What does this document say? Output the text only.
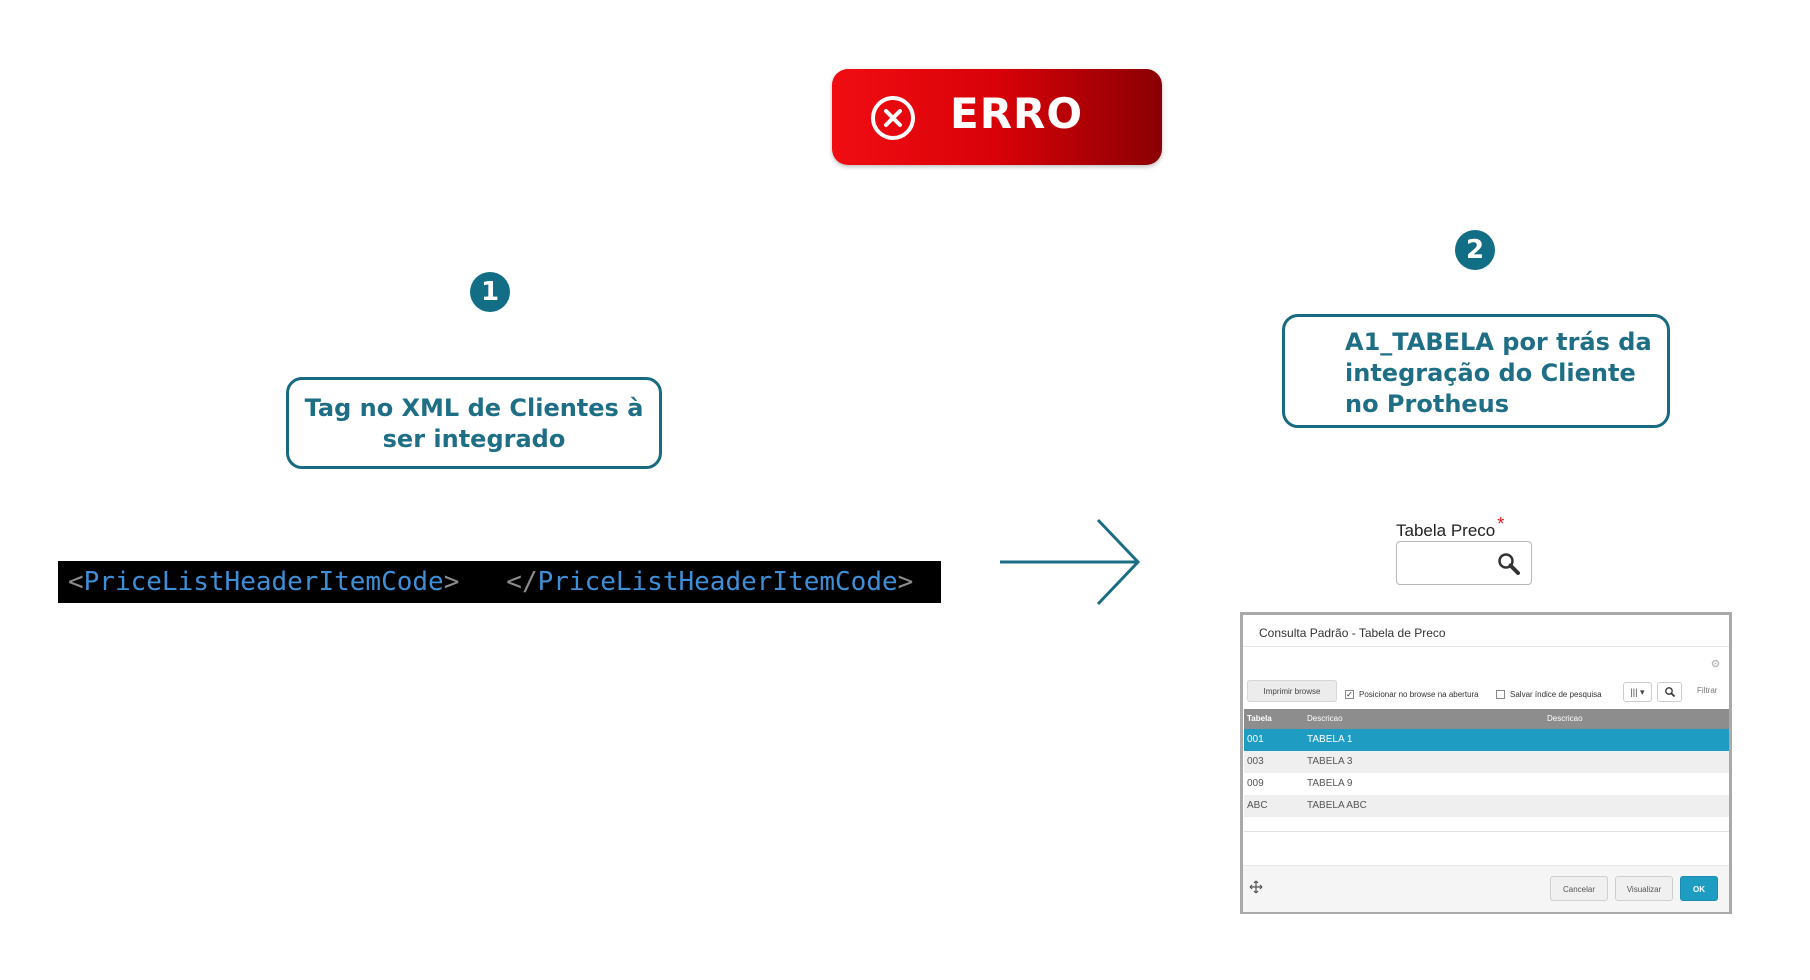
ERRO
1
Tag no XML de Clientes à
ser integrado
<PriceListHeaderItemCode>   </PriceListHeaderItemCode>
2
A1_TABELA por trás da
integração do Cliente
no Protheus
Tabela Preco *
Consulta Padrão - Tabela de Preco
Imprimir browse	✓ Posicionar no browse na abertura	Salvar índice de pesquisa	||| ▾	Filtrar
Tabela	Descricao	Descricao
001	TABELA 1
003	TABELA 3
009	TABELA 9
ABC	TABELA ABC
Cancelar	Visualizar	OK
